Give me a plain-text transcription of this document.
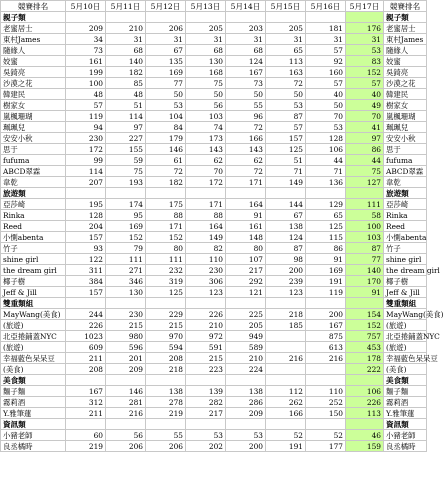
競賽排名	5月10日	5月11日	5月12日	5月13日	5月14日	5月15日	5月16日	5月17日	競賽排名
親子類									親子類
老蜜居士	209	210	206	205	203	205	181	176	老蜜居士
東村James	34	31	31	31	31	31	31	31	東村James
隨緣人	73	68	67	68	68	65	57	53	隨緣人
姣蜜	161	140	135	130	124	113	92	83	姣蜜
吳錡亮	199	182	169	168	167	163	160	152	吳錡亮
沙漠之花	100	85	77	75	73	72	57	57	沙漠之花
韓建民	48	48	50	50	50	50	40	40	韓建民
樹家女	57	51	53	56	55	53	50	49	樹家女
嵐楓珊瑚	119	114	104	103	96	87	70	70	嵐楓珊瑚
珮珮兒	94	97	84	74	72	57	53	41	珮珮兒
安安小秋	230	227	179	173	166	157	128	97	安安小秋
思于	172	155	146	143	143	125	106	86	思于
fufuma	99	59	61	62	62	51	44	44	fufuma
ABCD翠霖	114	75	72	70	72	71	71	75	ABCD翠霖
韋乾	207	193	182	172	171	149	136	127	韋乾
旅遊類									旅遊類
亞莎崎	195	174	175	171	164	144	129	111	亞莎崎
Rinka	128	95	88	88	91	67	65	58	Rinka
Reed	204	169	171	164	161	138	125	100	Reed
小惻abenta	157	152	152	149	148	124	115	103	小惻abenta
竹子	93	79	80	82	80	87	86	87	竹子
shine girl	122	111	111	110	107	98	91	77	shine girl
the dream girl	311	271	232	230	217	200	169	140	the dream girl
椰子樹	384	346	319	306	292	239	191	170	椰子樹
Jeff & Jill	157	130	125	123	121	123	119	91	Jeff & Jill
雙重類組									雙重類組
MayWang(美食)	244	230	229	226	225	218	200	154	MayWang(美食)
(旅遊)	226	215	215	210	205	185	167	152	(旅遊)
北亞捲鋪蓋NYC	1023	980	970	972	949		875	757	北亞捲鋪蓋NYC
(旅遊)	609	596	594	591	589		613	453	(旅遊)
幸福藍色呆呆豆	211	201	208	215	210	216	216	178	幸福藍色呆呆豆
(美食)	208	209	218	223	224			222	(美食)
美食類									美食類
麵子麵	167	146	138	139	138	112	110	106	麵子麵
霧莉酒	312	281	278	282	286	262	252	226	霧莉酒
Y.雅筆蓮	211	216	219	217	209	166	150	113	Y.雅筆蓮
資訊類									資訊類
小豬老師	60	56	55	53	53	52	52	46	小豬老師
良丞橘時	219	206	206	202	200	191	177	159	良丞橘時
